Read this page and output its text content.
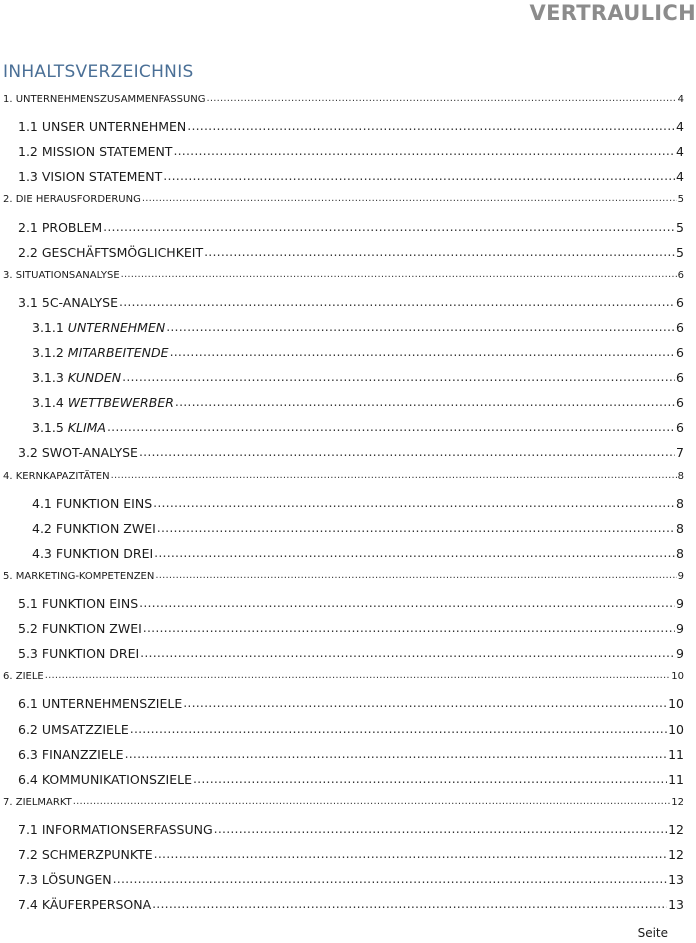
VERTRAULICH
INHALTSVERZEICHNIS
1. UNTERNEHMENSZUSAMMENFASSUNG .....	4
1.1 UNSER UNTERNEHMEN .....	4
1.2 MISSION STATEMENT .....	4
1.3 VISION STATEMENT .....	4
2. DIE HERAUSFORDERUNG .....	5
2.1 PROBLEM .....	5
2.2 GESCHÄFTSMÖGLICHKEIT .....	5
3. SITUATIONSANALYSE .....	6
3.1 5C-ANALYSE .....	6
3.1.1 UNTERNEHMEN .....	6
3.1.2 MITARBEITENDE .....	6
3.1.3 KUNDEN .....	6
3.1.4 WETTBEWERBER .....	6
3.1.5 KLIMA .....	6
3.2 SWOT-ANALYSE .....	7
4. KERNKAPAZITÄTEN .....	8
4.1 FUNKTION EINS .....	8
4.2 FUNKTION ZWEI .....	8
4.3 FUNKTION DREI .....	8
5. MARKETING-KOMPETENZEN .....	9
5.1 FUNKTION EINS .....	9
5.2 FUNKTION ZWEI .....	9
5.3 FUNKTION DREI .....	9
6. ZIELE .....	10
6.1 UNTERNEHMENSZIELE .....	10
6.2 UMSATZZIELE .....	10
6.3 FINANZZIELE .....	11
6.4 KOMMUNIKATIONSZIELE .....	11
7. ZIELMARKT .....	12
7.1 INFORMATIONSERFASSUNG .....	12
7.2 SCHMERZPUNKTE .....	12
7.3 LÖSUNGEN .....	13
7.4 KÄUFERPERSONA .....	13
Seite
